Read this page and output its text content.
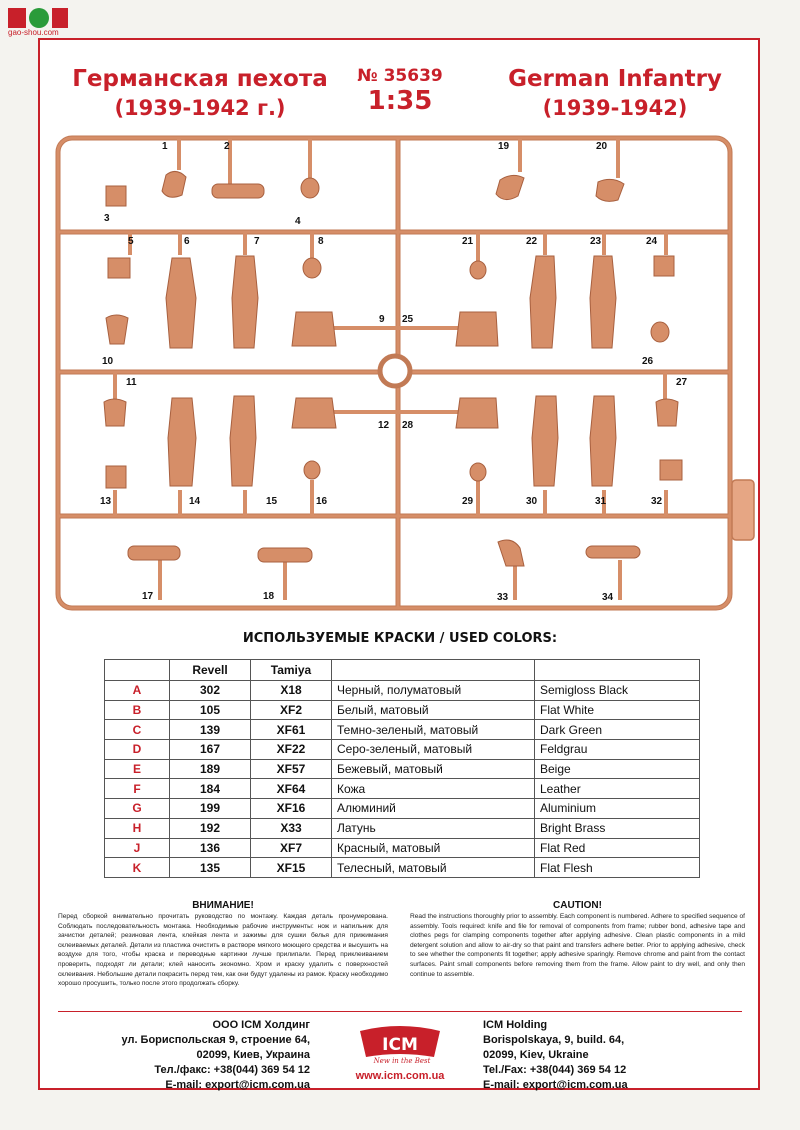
gao-shou.com
Германская пехота
(1939-1942 г.)
№ 35639
1:35
German Infantry
(1939-1942)
1	2
3	4
5	6	7	8
9
10
11
12
13	14	15	16
17	18
19	20
21	22	23	24
25
26
27
28
29	30	31	32
33	34
ИСПОЛЬЗУЕМЫЕ КРАСКИ / USED COLORS:
	Revell	Tamiya		
A	302	X18	Черный, полуматовый	Semigloss Black
B	105	XF2	Белый, матовый	Flat White
C	139	XF61	Темно-зеленый, матовый	Dark Green
D	167	XF22	Серо-зеленый, матовый	Feldgrau
E	189	XF57	Бежевый, матовый	Beige
F	184	XF64	Кожа	Leather
G	199	XF16	Алюминий	Aluminium
H	192	X33	Латунь	Bright Brass
J	136	XF7	Красный, матовый	Flat Red
K	135	XF15	Телесный, матовый	Flat Flesh
ВНИМАНИЕ!
Перед сборкой внимательно прочитать руководство по монтажу. Каждая деталь пронумерована. Соблюдать последовательность монтажа. Необходимые рабочие инструменты: нож и напильник для зачистки деталей; резиновая лента, клейкая лента и зажимы для сушки белья для прижимания склеиваемых деталей. Детали из пластика очистить в растворе мягкого моющего средства и высушить на воздухе для того, чтобы краска и переводные картинки лучше прилипали. Перед приклеиванием проверить, подходят ли детали; клей наносить экономно. Хром и краску удалить с поверхностей склеивания. Небольшие детали покрасить перед тем, как они будут удалены из рамок. Краску необходимо хорошо просушить, только после этого продолжать сборку.
CAUTION!
Read the instructions thoroughly prior to assembly. Each component is numbered. Adhere to specified sequence of assembly. Tools required: knife and file for removal of components from frame; rubber bond, adhesive tape and clothes pegs for clamping components together after applying adhesive. Clean plastic components in a mild detergent solution and allow to air-dry so that paint and transfers adhere better. Prior to applying adhesive, check to see whether the components fit together; apply adhesive sparingly. Remove chrome and paint from the contact surfaces. Paint small components before removing them from the frame. Allow paint to dry well, and only then continue to assemble.
ООО ICM Холдинг
ул. Бориспольская 9, строение 64,
02099, Киев, Украина
Тел./факс: +38(044) 369 54 12
E-mail: export@icm.com.ua
ICM
New in the Best
www.icm.com.ua
ICM Holding
Borispolskaya, 9, build. 64,
02099, Kiev, Ukraine
Tel./Fax: +38(044) 369 54 12
E-mail: export@icm.com.ua
